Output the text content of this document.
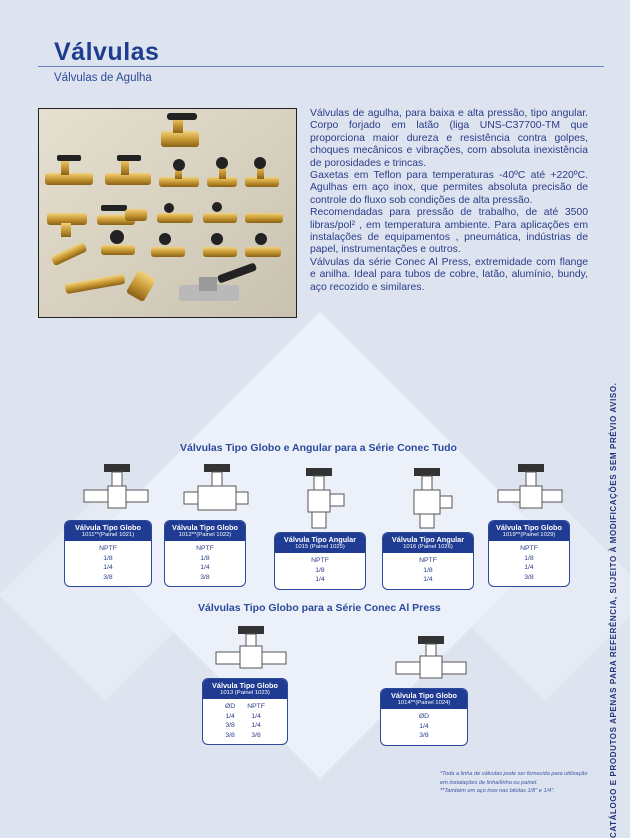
Válvulas
Válvulas de Agulha

Válvulas de agulha, para baixa e alta pressão, tipo angular. Corpo forjado em latão (liga UNS-C37700-TM que proporciona maior dureza e resistência contra golpes, choques mecânicos e vibrações, com absoluta inexistência de porosidades e trincas.

Gaxetas em Teflon para temperaturas -40ºC até +220ºC. Agulhas em aço inox, que permites absoluta precisão de controle do fluxo sob condições de alta pressão.

Recomendadas para pressão de trabalho, de até 3500 libras/pol² , em temperatura ambiente. Para aplicações em instalações de equipamentos , pneumática, indústrias de papel, instrumentações e outros.

Válvulas da série Conec Al Press, extremidade com flange e anilha. Ideal para tubos de cobre, latão, alumínio, bundy, aço recozido e similares.

Válvulas Tipo Globo e Angular para a Série Conec Tudo
Válvula Tipo Globo
1011**(Painel 1021)
NPTF
1/8
1/4
3/8
Válvula Tipo Globo
1012**(Painel 1022)
NPTF
1/8
1/4
3/8
Válvula Tipo Angular
1015 (Painel 1025)
NPTF
1/8
1/4
Válvula Tipo Angular
1016 (Painel 1026)
NPTF
1/8
1/4
Válvula Tipo Globo
1019**(Painel 1029)
NPTF
1/8
1/4
3/8
Válvulas Tipo Globo para a Série Conec Al Press
Válvula Tipo Globo
1013 (Painel 1023)
ØD
1/4
3/8
3/8
NPTF
1/4
1/4
3/8
Válvula Tipo Globo
1014**(Painel 1024)
ØD
1/4
3/8
*Toda a linha de válvulas pode ser fornecida para utilização em instalações de linha/linha ou painel.
**Também em aço inox nas bitolas 1/8" e 1/4".	CATÁLOGO E PRODUTOS APENAS PARA REFERÊNCIA, SUJEITO À MODIFICAÇÕES SEM PRÉVIO AVISO.
